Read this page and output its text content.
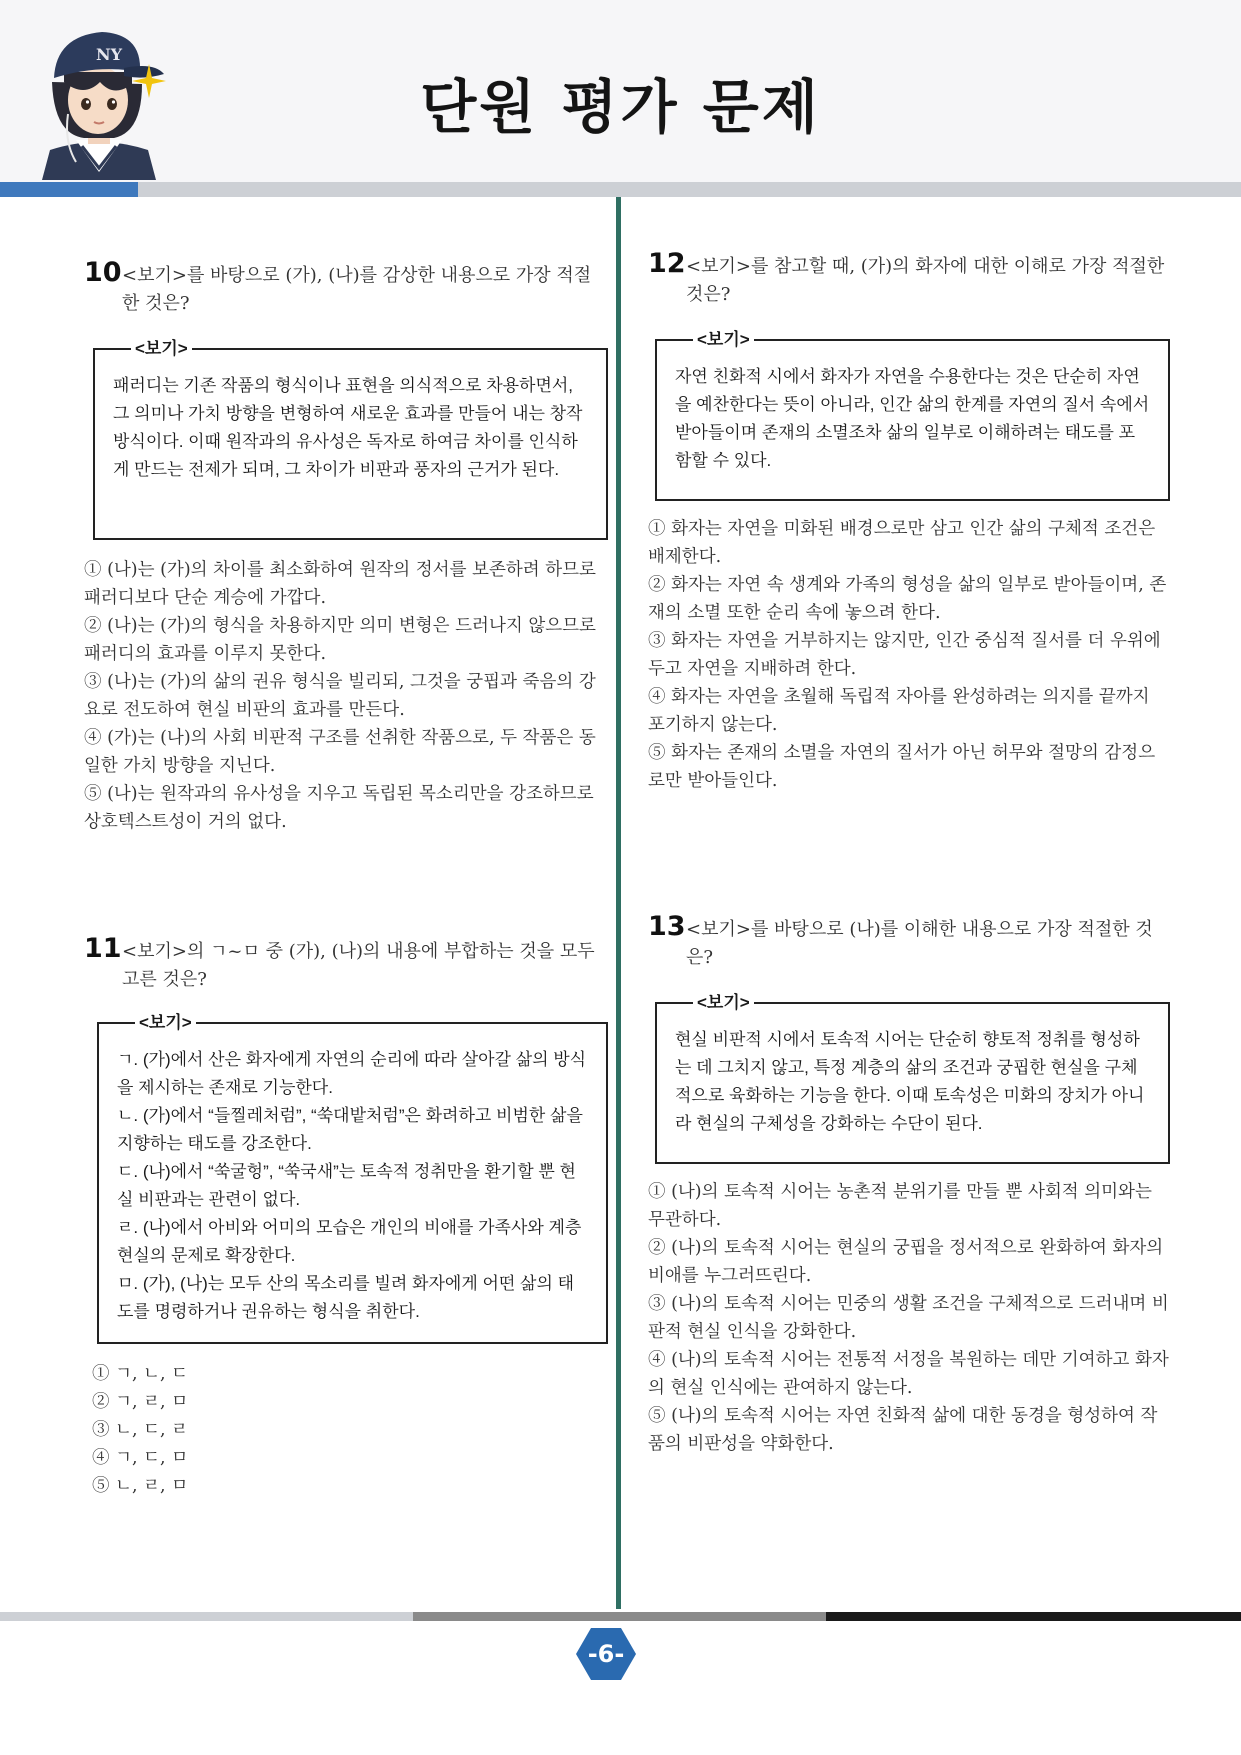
NY
단원 평가 문제
10 <보기>를 바탕으로 (가), (나)를 감상한 내용으로 가장 적절한 것은?
<보기>

패러디는 기존 작품의 형식이나 표현을 의식적으로 차용하면서, 그 의미나 가치 방향을 변형하여 새로운 효과를 만들어 내는 창작 방식이다. 이때 원작과의 유사성은 독자로 하여금 차이를 인식하게 만드는 전제가 되며, 그 차이가 비판과 풍자의 근거가 된다.

① (나)는 (가)의 차이를 최소화하여 원작의 정서를 보존하려 하므로 패러디보다 단순 계승에 가깝다.

② (나)는 (가)의 형식을 차용하지만 의미 변형은 드러나지 않으므로 패러디의 효과를 이루지 못한다.

③ (나)는 (가)의 삶의 권유 형식을 빌리되, 그것을 궁핍과 죽음의 강요로 전도하여 현실 비판의 효과를 만든다.

④ (가)는 (나)의 사회 비판적 구조를 선취한 작품으로, 두 작품은 동일한 가치 방향을 지닌다.

⑤ (나)는 원작과의 유사성을 지우고 독립된 목소리만을 강조하므로 상호텍스트성이 거의 없다.

11 <보기>의 ㄱ~ㅁ 중 (가), (나)의 내용에 부합하는 것을 모두 고른 것은?
<보기>

ㄱ. (가)에서 산은 화자에게 자연의 순리에 따라 살아갈 삶의 방식을 제시하는 존재로 기능한다.

ㄴ. (가)에서 “들찔레처럼”, “쑥대밭처럼”은 화려하고 비범한 삶을 지향하는 태도를 강조한다.

ㄷ. (나)에서 “쑥굴헝”, “쑥국새”는 토속적 정취만을 환기할 뿐 현실 비판과는 관련이 없다.

ㄹ. (나)에서 아비와 어미의 모습은 개인의 비애를 가족사와 계층 현실의 문제로 확장한다.

ㅁ. (가), (나)는 모두 산의 목소리를 빌려 화자에게 어떤 삶의 태도를 명령하거나 권유하는 형식을 취한다.

① ㄱ, ㄴ, ㄷ

② ㄱ, ㄹ, ㅁ

③ ㄴ, ㄷ, ㄹ

④ ㄱ, ㄷ, ㅁ

⑤ ㄴ, ㄹ, ㅁ

12 <보기>를 참고할 때, (가)의 화자에 대한 이해로 가장 적절한 것은?
<보기>

자연 친화적 시에서 화자가 자연을 수용한다는 것은 단순히 자연을 예찬한다는 뜻이 아니라, 인간 삶의 한계를 자연의 질서 속에서 받아들이며 존재의 소멸조차 삶의 일부로 이해하려는 태도를 포함할 수 있다.

① 화자는 자연을 미화된 배경으로만 삼고 인간 삶의 구체적 조건은 배제한다.

② 화자는 자연 속 생계와 가족의 형성을 삶의 일부로 받아들이며, 존재의 소멸 또한 순리 속에 놓으려 한다.

③ 화자는 자연을 거부하지는 않지만, 인간 중심적 질서를 더 우위에 두고 자연을 지배하려 한다.

④ 화자는 자연을 초월해 독립적 자아를 완성하려는 의지를 끝까지 포기하지 않는다.

⑤ 화자는 존재의 소멸을 자연의 질서가 아닌 허무와 절망의 감정으로만 받아들인다.

13 <보기>를 바탕으로 (나)를 이해한 내용으로 가장 적절한 것은?
<보기>

현실 비판적 시에서 토속적 시어는 단순히 향토적 정취를 형성하는 데 그치지 않고, 특정 계층의 삶의 조건과 궁핍한 현실을 구체적으로 육화하는 기능을 한다. 이때 토속성은 미화의 장치가 아니라 현실의 구체성을 강화하는 수단이 된다.

① (나)의 토속적 시어는 농촌적 분위기를 만들 뿐 사회적 의미와는 무관하다.

② (나)의 토속적 시어는 현실의 궁핍을 정서적으로 완화하여 화자의 비애를 누그러뜨린다.

③ (나)의 토속적 시어는 민중의 생활 조건을 구체적으로 드러내며 비판적 현실 인식을 강화한다.

④ (나)의 토속적 시어는 전통적 서정을 복원하는 데만 기여하고 화자의 현실 인식에는 관여하지 않는다.

⑤ (나)의 토속적 시어는 자연 친화적 삶에 대한 동경을 형성하여 작품의 비판성을 약화한다.

-6-
